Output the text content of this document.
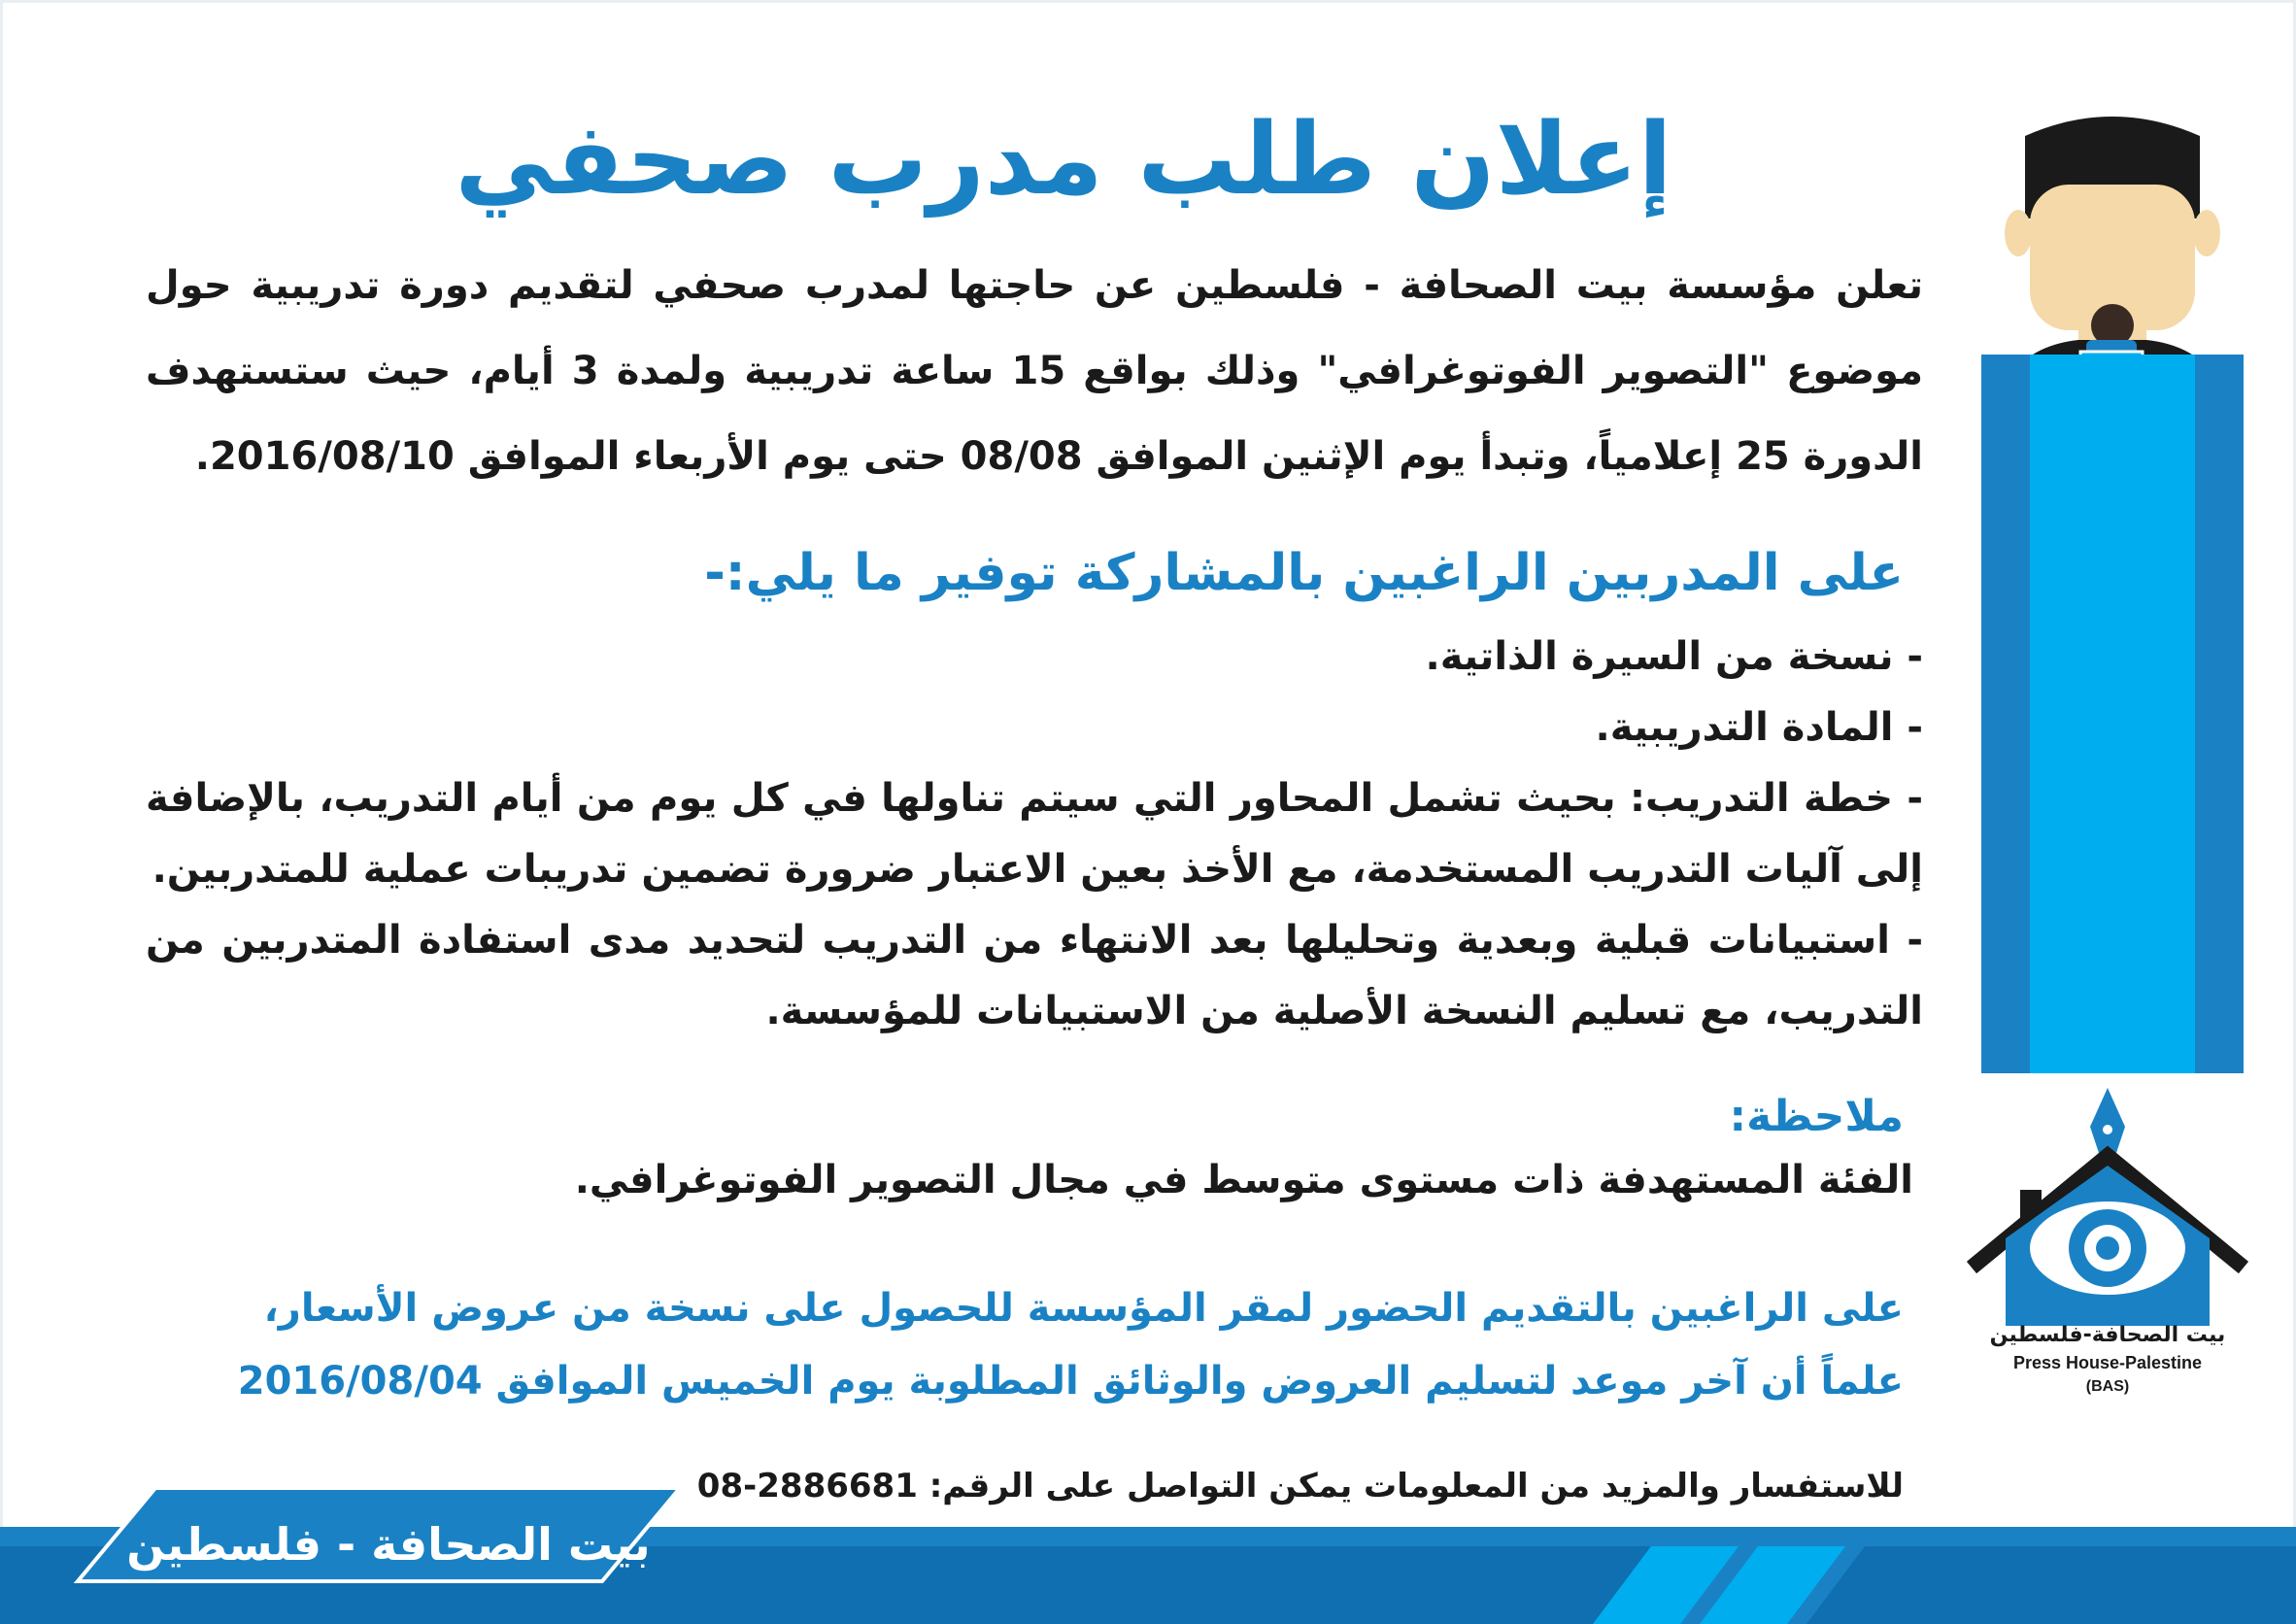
إعلان طلب مدرب صحفي
تعلن مؤسسة بيت الصحافة - فلسطين عن حاجتها لمدرب صحفي لتقديم دورة تدريبية حول موضوع "التصوير الفوتوغرافي" وذلك بواقع 15 ساعة تدريبية ولمدة 3 أيام، حيث ستستهدف الدورة 25 إعلامياً، وتبدأ يوم الإثنين الموافق 08/08 حتى يوم الأربعاء الموافق 2016/08/10.
على المدربين الراغبين بالمشاركة توفير ما يلي:-

- نسخة من السيرة الذاتية.

- المادة التدريبية.

- خطة التدريب: بحيث تشمل المحاور التي سيتم تناولها في كل يوم من أيام التدريب، بالإضافة إلى آليات التدريب المستخدمة، مع الأخذ بعين الاعتبار ضرورة تضمين تدريبات عملية للمتدربين.

- استبيانات قبلية وبعدية وتحليلها بعد الانتهاء من التدريب لتحديد مدى استفادة المتدربين من التدريب، مع تسليم النسخة الأصلية من الاستبيانات للمؤسسة.

ملاحظة:
الفئة المستهدفة ذات مستوى متوسط في مجال التصوير الفوتوغرافي.
على الراغبين بالتقديم الحضور لمقر المؤسسة للحصول على نسخة من عروض الأسعار،
علماً أن آخر موعد لتسليم العروض والوثائق المطلوبة يوم الخميس الموافق 2016/08/04
للاستفسار والمزيد من المعلومات يمكن التواصل على الرقم: 2886681-08
بيت الصحافة-فلسطين
Press House-Palestine
(BAS)
بيت الصحافة - فلسطين
